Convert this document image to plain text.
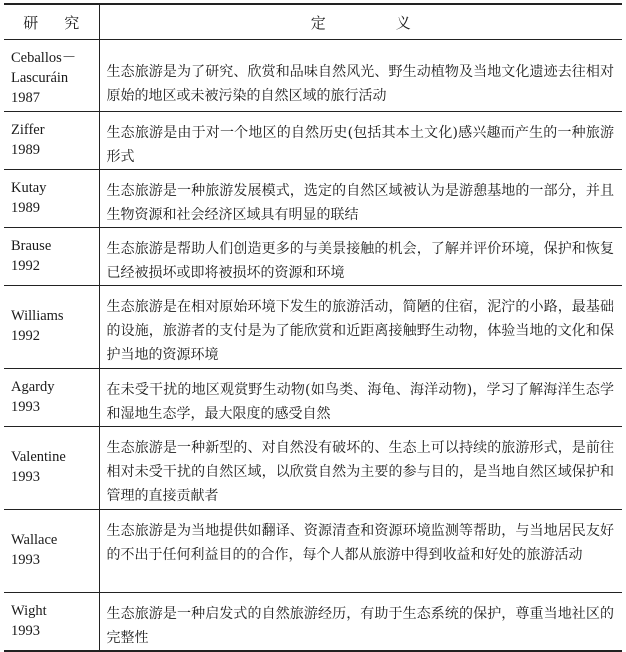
研 究	定 义

Ceballos－Lascuráin
1987	生态旅游是为了研究、欣赏和品味自然风光、野生动植物及当地文化遗迹去往相对原始的地区或未被污染的自然区域的旅行活动

Ziffer
1989	生态旅游是由于对一个地区的自然历史(包括其本土文化)感兴趣而产生的一种旅游形式

Kutay
1989	生态旅游是一种旅游发展模式，选定的自然区域被认为是游憩基地的一部分，并且生物资源和社会经济区域具有明显的联结

Brause
1992	生态旅游是帮助人们创造更多的与美景接触的机会，了解并评价环境，保护和恢复已经被损坏或即将被损坏的资源和环境

Williams
1992	生态旅游是在相对原始环境下发生的旅游活动，简陋的住宿，泥泞的小路，最基础的设施，旅游者的支付是为了能欣赏和近距离接触野生动物，体验当地的文化和保护当地的资源环境

Agardy
1993	在未受干扰的地区观赏野生动物(如鸟类、海龟、海洋动物)，学习了解海洋生态学和湿地生态学，最大限度的感受自然

Valentine
1993	生态旅游是一种新型的、对自然没有破坏的、生态上可以持续的旅游形式，是前往相对未受干扰的自然区域，以欣赏自然为主要的参与目的，是当地自然区域保护和管理的直接贡献者

Wallace
1993	生态旅游是为当地提供如翻译、资源清查和资源环境监测等帮助，与当地居民友好的不出于任何利益目的的合作，每个人都从旅游中得到收益和好处的旅游活动

Wight
1993	生态旅游是一种启发式的自然旅游经历，有助于生态系统的保护，尊重当地社区的完整性
